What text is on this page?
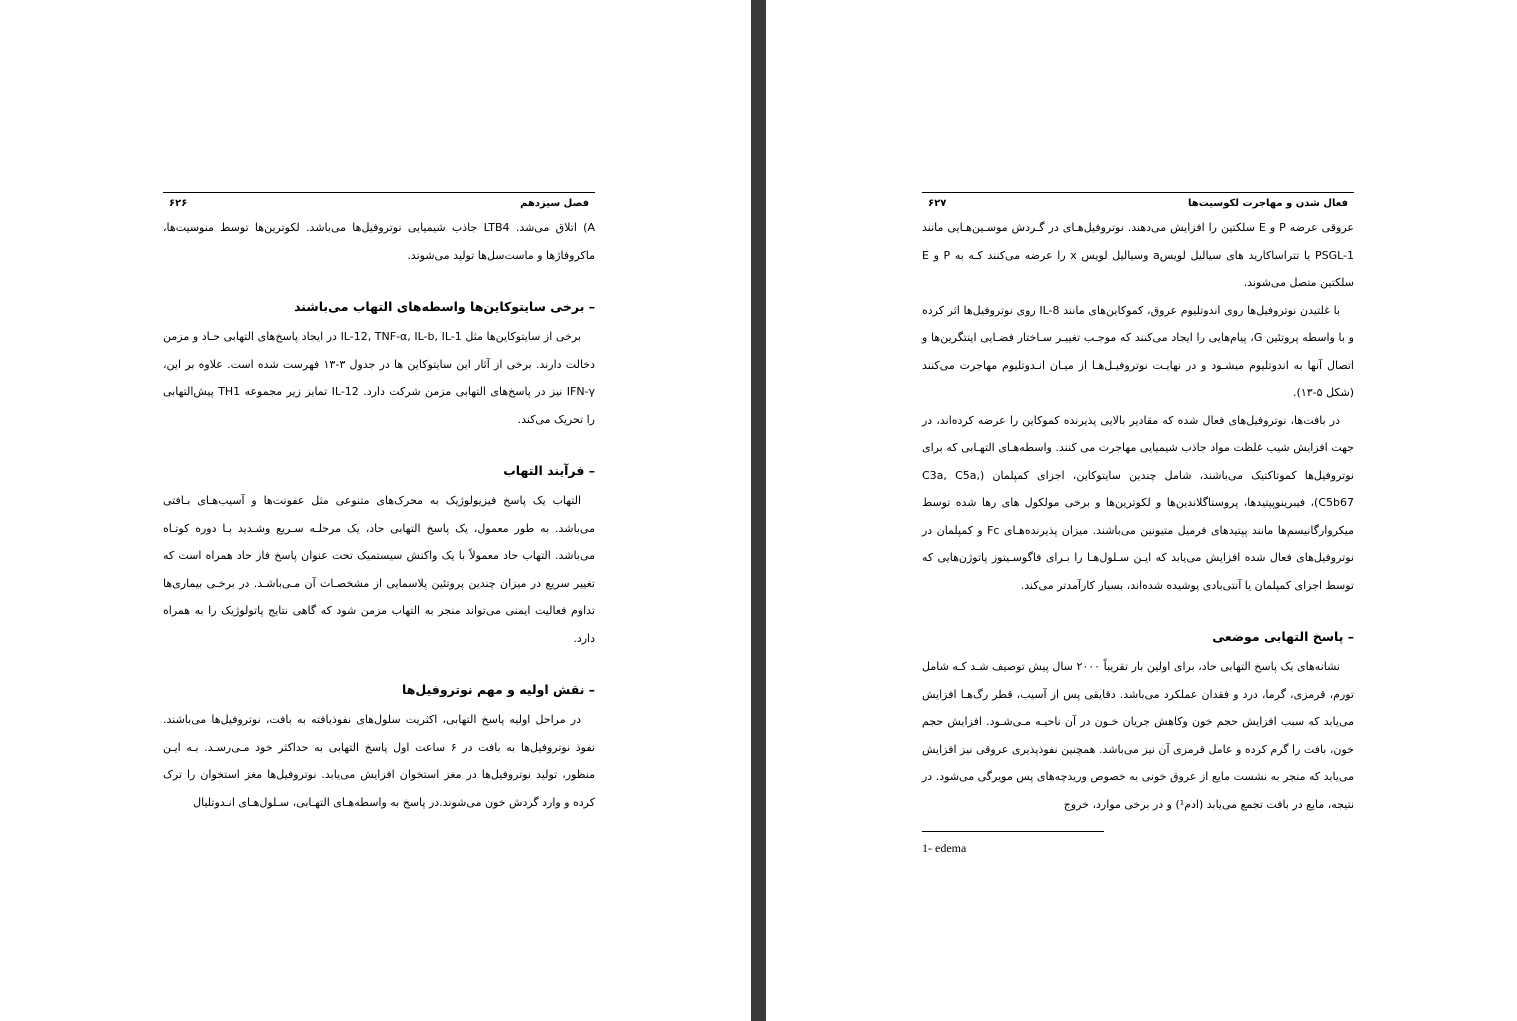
فصل سیزدهم
۶۲۶

A) اتلاق می‌شد. LTB4 جاذب شیمیایی نوتروفیل‌ها می‌باشد. لکوترین‌ها توسط منوسیت‌ها، ماکروفاژها و ماست‌سل‌ها تولید می‌شوند.

– برخی سایتوکاین‌ها واسطه‌های التهاب می‌باشند

برخی از سایتوکاین‌ها مثل IL-12, TNF-α, IL-b, IL-1 در ایجاد پاسخ‌های التهابی حـاد و مزمن دخالت دارند. برخی از آثار این سایتوکاین ها در جدول ۳-۱۳ فهرست شده است. علاوه بر این، IFN-γ نیز در پاسخ‌های التهابی مزمن شرکت دارد. IL-12 تمایز زیر مجموعه TH1 پیش‌التهابی را تحریک می‌کند.

– فرآیند التهاب

التهاب یک پاسخ فیزیولوژیک به محرک‌های متنوعی مثل عفونت‌ها و آسیب‌هـای بـافتی می‌باشد. به طور معمول، یک پاسخ التهابی حاد، یک مرحلـه سـریع وشـدید بـا دوره کوتـاه می‌باشد. التهاب حاد معمولاً با یک واکنش سیستمیک تحت عنوان پاسخ فاز حاد همراه است که تغییر سریع در میزان چندین پروتئین پلاسمایی از مشخصـات آن مـی‌باشـد. در برخـی بیماری‌ها تداوم فعالیت ایمنی می‌تواند منجر به التهاب مزمن شود که گاهی نتایج پاتولوژیک را به همراه دارد.

– نقش اولیه و مهم نوتروفیل‌ها

در مراحل اولیه پاسخ التهابی، اکثریت سلول‌های نفوذیافته به بافت، نوتروفیل‌ها می‌باشند. نفوذ نوتروفیل‌ها به بافت در ۶ ساعت اول پاسخ التهابی به حداکثر خود مـی‌رسـد. بـه ایـن منظور، تولید نوتروفیل‌ها در مغز استخوان افزایش می‌یابد. نوتروفیل‌ها مغز استخوان را ترک کرده و وارد گردش خون می‌شوند.در پاسخ به واسطه‌هـای التهـابی، سـلول‌هـای انـدوتلیال

فعال شدن و مهاجرت لکوسیت‌ها
۶۲۷

عروقی عرضه P و E سلکتین را افزایش می‌دهند. نوتروفیل‌هـای در گـردش موسـین‌هـایی مانند PSGL-1 یا تتراساکارید های سیالیل لویسa وسیالیل لویس x را عرضه می‌کنند کـه به P و E سلکتین متصل می‌شوند.

با غلتیدن نوتروفیل‌ها روی اندوتلیوم عروق، کموکاین‌های مانند IL-8 روی نوتروفیل‌ها اثر کرده و با واسطه پروتئین G، پیام‌هایی را ایجاد می‌کنند که موجـب تغییـر سـاختار فضـایی اینتگرین‌ها و اتصال آنها به اندوتلیوم میشـود و در نهایـت نوتروفیـل‌هـا از میـان انـدوتلیوم مهاجرت می‌کنند (شکل ۵-۱۳).

در بافت‌ها، نوتروفیل‌های فعال شده که مقادیر بالایی پذیرنده کموکاین را عرضه کرده‌اند، در جهت افزایش شیب غلظت مواد جاذب شیمیایی مهاجرت می کنند. واسطه‌هـای التهـابی که برای نوتروفیل‌ها کموتاکتیک می‌باشند، شامل چندین سایتوکاین، اجزای کمپلمان (C3a, C5a, C5b67)، فیبرینوپپتیدها، پروستاگلاندین‌ها و لکوترین‌ها و برخی مولکول های رها شده توسط میکروارگانیسم‌ها مانند پپتیدهای فرمیل متیونین می‌باشند. میزان پذیرنده‌هـای Fc و کمپلمان در نوتروفیل‌های فعال شده افزایش می‌یابد که ایـن سـلول‌هـا را بـرای فاگوسـیتوز پاتوژن‌هایی که توسط اجزای کمپلمان یا آنتی‌بادی پوشیده شده‌اند، بسیار کارآمدتر می‌کند.

– پاسخ التهابی موضعی

نشانه‌های یک پاسخ التهابی حاد، برای اولین بار تقریباً ۲۰۰۰ سال پیش توصیف شـد کـه شامل تورم، قرمزی، گرما، درد و فقدان عملکرد می‌باشد. دقایقی پس از آسیب، قطر رگ‌هـا افزایش می‌یابد که سبب افزایش حجم خون وکاهش جریان خـون در آن ناحیـه مـی‌شـود. افزایش حجم خون، بافت را گرم کرده و عامل قرمزی آن نیز می‌باشد. همچنین نفوذپذیری عروقی نیز افزایش می‌یابد که منجر به نشست مایع از عروق خونی به خصوص وریدچه‌های پس مویرگی می‌شود. در نتیجه، مایع در بافت تجمع می‌یابد (ادم¹) و در برخی موارد، خروج

1- edema
